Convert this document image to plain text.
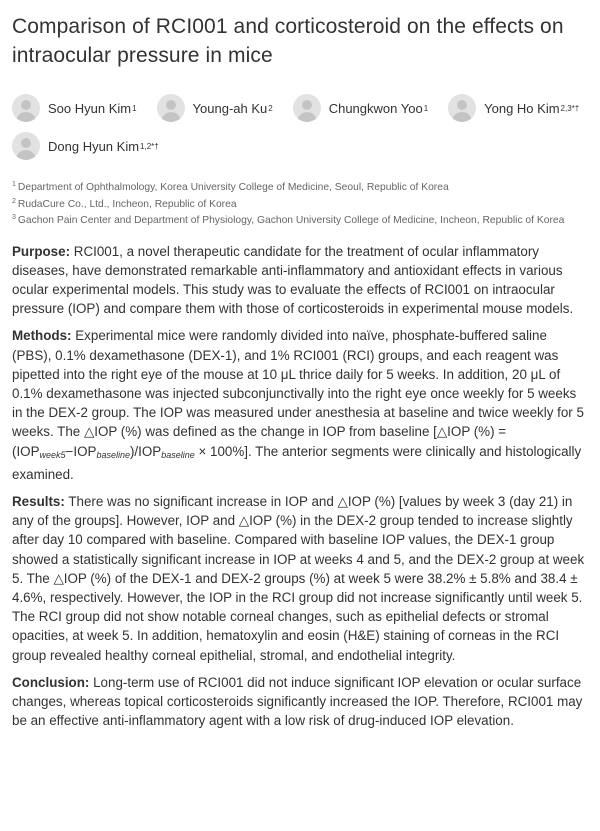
Comparison of RCI001 and corticosteroid on the effects on intraocular pressure in mice
Soo Hyun Kim 1	Young-ah Ku 2	Chungkwon Yoo 1	Yong Ho Kim 2,3*†
Dong Hyun Kim 1,2*†
$^1$ Department of Ophthalmology, Korea University College of Medicine, Seoul, Republic of Korea
$^2$ RudaCure Co., Ltd., Incheon, Republic of Korea
$^3$ Gachon Pain Center and Department of Physiology, Gachon University College of Medicine, Incheon, Republic of Korea

Purpose: RCI001, a novel therapeutic candidate for the treatment of ocular inflammatory diseases, have demonstrated remarkable anti-inflammatory and antioxidant effects in various ocular experimental models. This study was to evaluate the effects of RCI001 on intraocular pressure (IOP) and compare them with those of corticosteroids in experimental mouse models.

Methods: Experimental mice were randomly divided into naïve, phosphate-buffered saline (PBS), 0.1% dexamethasone (DEX-1), and 1% RCI001 (RCI) groups, and each reagent was pipetted into the right eye of the mouse at 10 μL thrice daily for 5 weeks. In addition, 20 μL of 0.1% dexamethasone was injected subconjunctivally into the right eye once weekly for 5 weeks in the DEX-2 group. The IOP was measured under anesthesia at baseline and twice weekly for 5 weeks. The △IOP (%) was defined as the change in IOP from baseline [△IOP (%) = $(IOP_{week5}-IOP_{baseline})/IOP_{baseline} \times 100\%$]. The anterior segments were clinically and histologically examined.

Results: There was no significant increase in IOP and △IOP (%) [values by week 3 (day 21) in any of the groups]. However, IOP and △IOP (%) in the DEX-2 group tended to increase slightly after day 10 compared with baseline. Compared with baseline IOP values, the DEX-1 group showed a statistically significant increase in IOP at weeks 4 and 5, and the DEX-2 group at week 5. The △IOP (%) of the DEX-1 and DEX-2 groups (%) at week 5 were 38.2% ± 5.8% and 38.4 ± 4.6%, respectively. However, the IOP in the RCI group did not increase significantly until week 5. The RCI group did not show notable corneal changes, such as epithelial defects or stromal opacities, at week 5. In addition, hematoxylin and eosin (H&E) staining of corneas in the RCI group revealed healthy corneal epithelial, stromal, and endothelial integrity.

Conclusion: Long-term use of RCI001 did not induce significant IOP elevation or ocular surface changes, whereas topical corticosteroids significantly increased the IOP. Therefore, RCI001 may be an effective anti-inflammatory agent with a low risk of drug-induced IOP elevation.
